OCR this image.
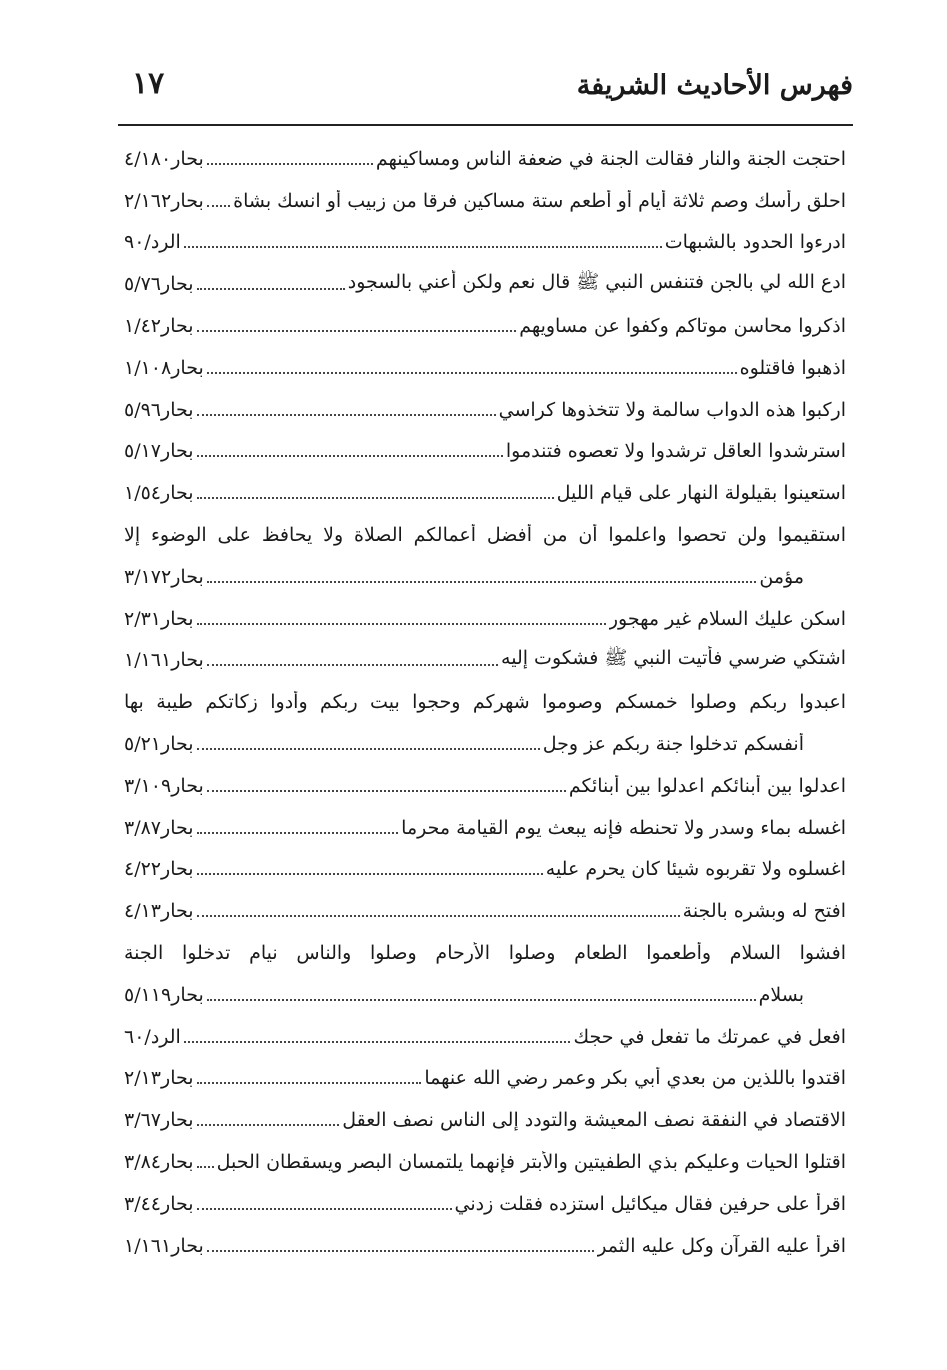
فهرس الأحاديث الشريفة
١٧
احتجت الجنة والنار فقالت الجنة في ضعفة الناس ومساكينهم
بحار٤/١٨٠
احلق رأسك وصم ثلاثة أيام أو أطعم ستة مساكين فرقا من زبيب أو انسك بشاة
بحار٢/١٦٢
ادرءوا الحدود بالشبهات
الرد/٩٠
ادع الله لي بالجن فتنفس النبي ﷺ قال نعم ولكن أعني بالسجود
بحار٥/٧٦
اذكروا محاسن موتاكم وكفوا عن مساويهم
بحار١/٤٢
اذهبوا فاقتلوه
بحار١/١٠٨
اركبوا هذه الدواب سالمة ولا تتخذوها كراسي
بحار٥/٩٦
استرشدوا العاقل ترشدوا ولا تعصوه فتندموا
بحار٥/١٧
استعينوا بقيلولة النهار على قيام الليل
بحار١/٥٤
استقيموا ولن تحصوا واعلموا أن من أفضل أعمالكم الصلاة ولا يحافظ على الوضوء إلا
مؤمن
بحار٣/١٧٢
اسكن عليك السلام غير مهجور
بحار٢/٣١
اشتكي ضرسي فأتيت النبي ﷺ فشكوت إليه
بحار١/١٦١
اعبدوا ربكم وصلوا خمسكم وصوموا شهركم وحجوا بيت ربكم وأدوا زكاتكم طيبة بها
أنفسكم تدخلوا جنة ربكم عز وجل
بحار٥/٢١
اعدلوا بين أبنائكم اعدلوا بين أبنائكم
بحار٣/١٠٩
اغسله بماء وسدر ولا تحنطه فإنه يبعث يوم القيامة محرما
بحار٣/٨٧
اغسلوه ولا تقربوه شيئا كان يحرم عليه
بحار٤/٢٢
افتح له وبشره بالجنة
بحار٤/١٣
افشوا السلام وأطعموا الطعام وصلوا الأرحام وصلوا والناس نيام تدخلوا الجنة
بسلام
بحار٥/١١٩
افعل في عمرتك ما تفعل في حجك
الرد/٦٠
اقتدوا باللذين من بعدي أبي بكر وعمر رضي الله عنهما
بحار٢/١٣
الاقتصاد في النفقة نصف المعيشة والتودد إلى الناس نصف العقل
بحار٣/٦٧
اقتلوا الحيات وعليكم بذي الطفيتين والأبتر فإنهما يلتمسان البصر ويسقطان الحبل
بحار٣/٨٤
اقرأ على حرفين فقال ميكائيل استزده فقلت زدني
بحار٣/٤٤
اقرأ عليه القرآن وكل عليه الثمر
بحار١/١٦١
